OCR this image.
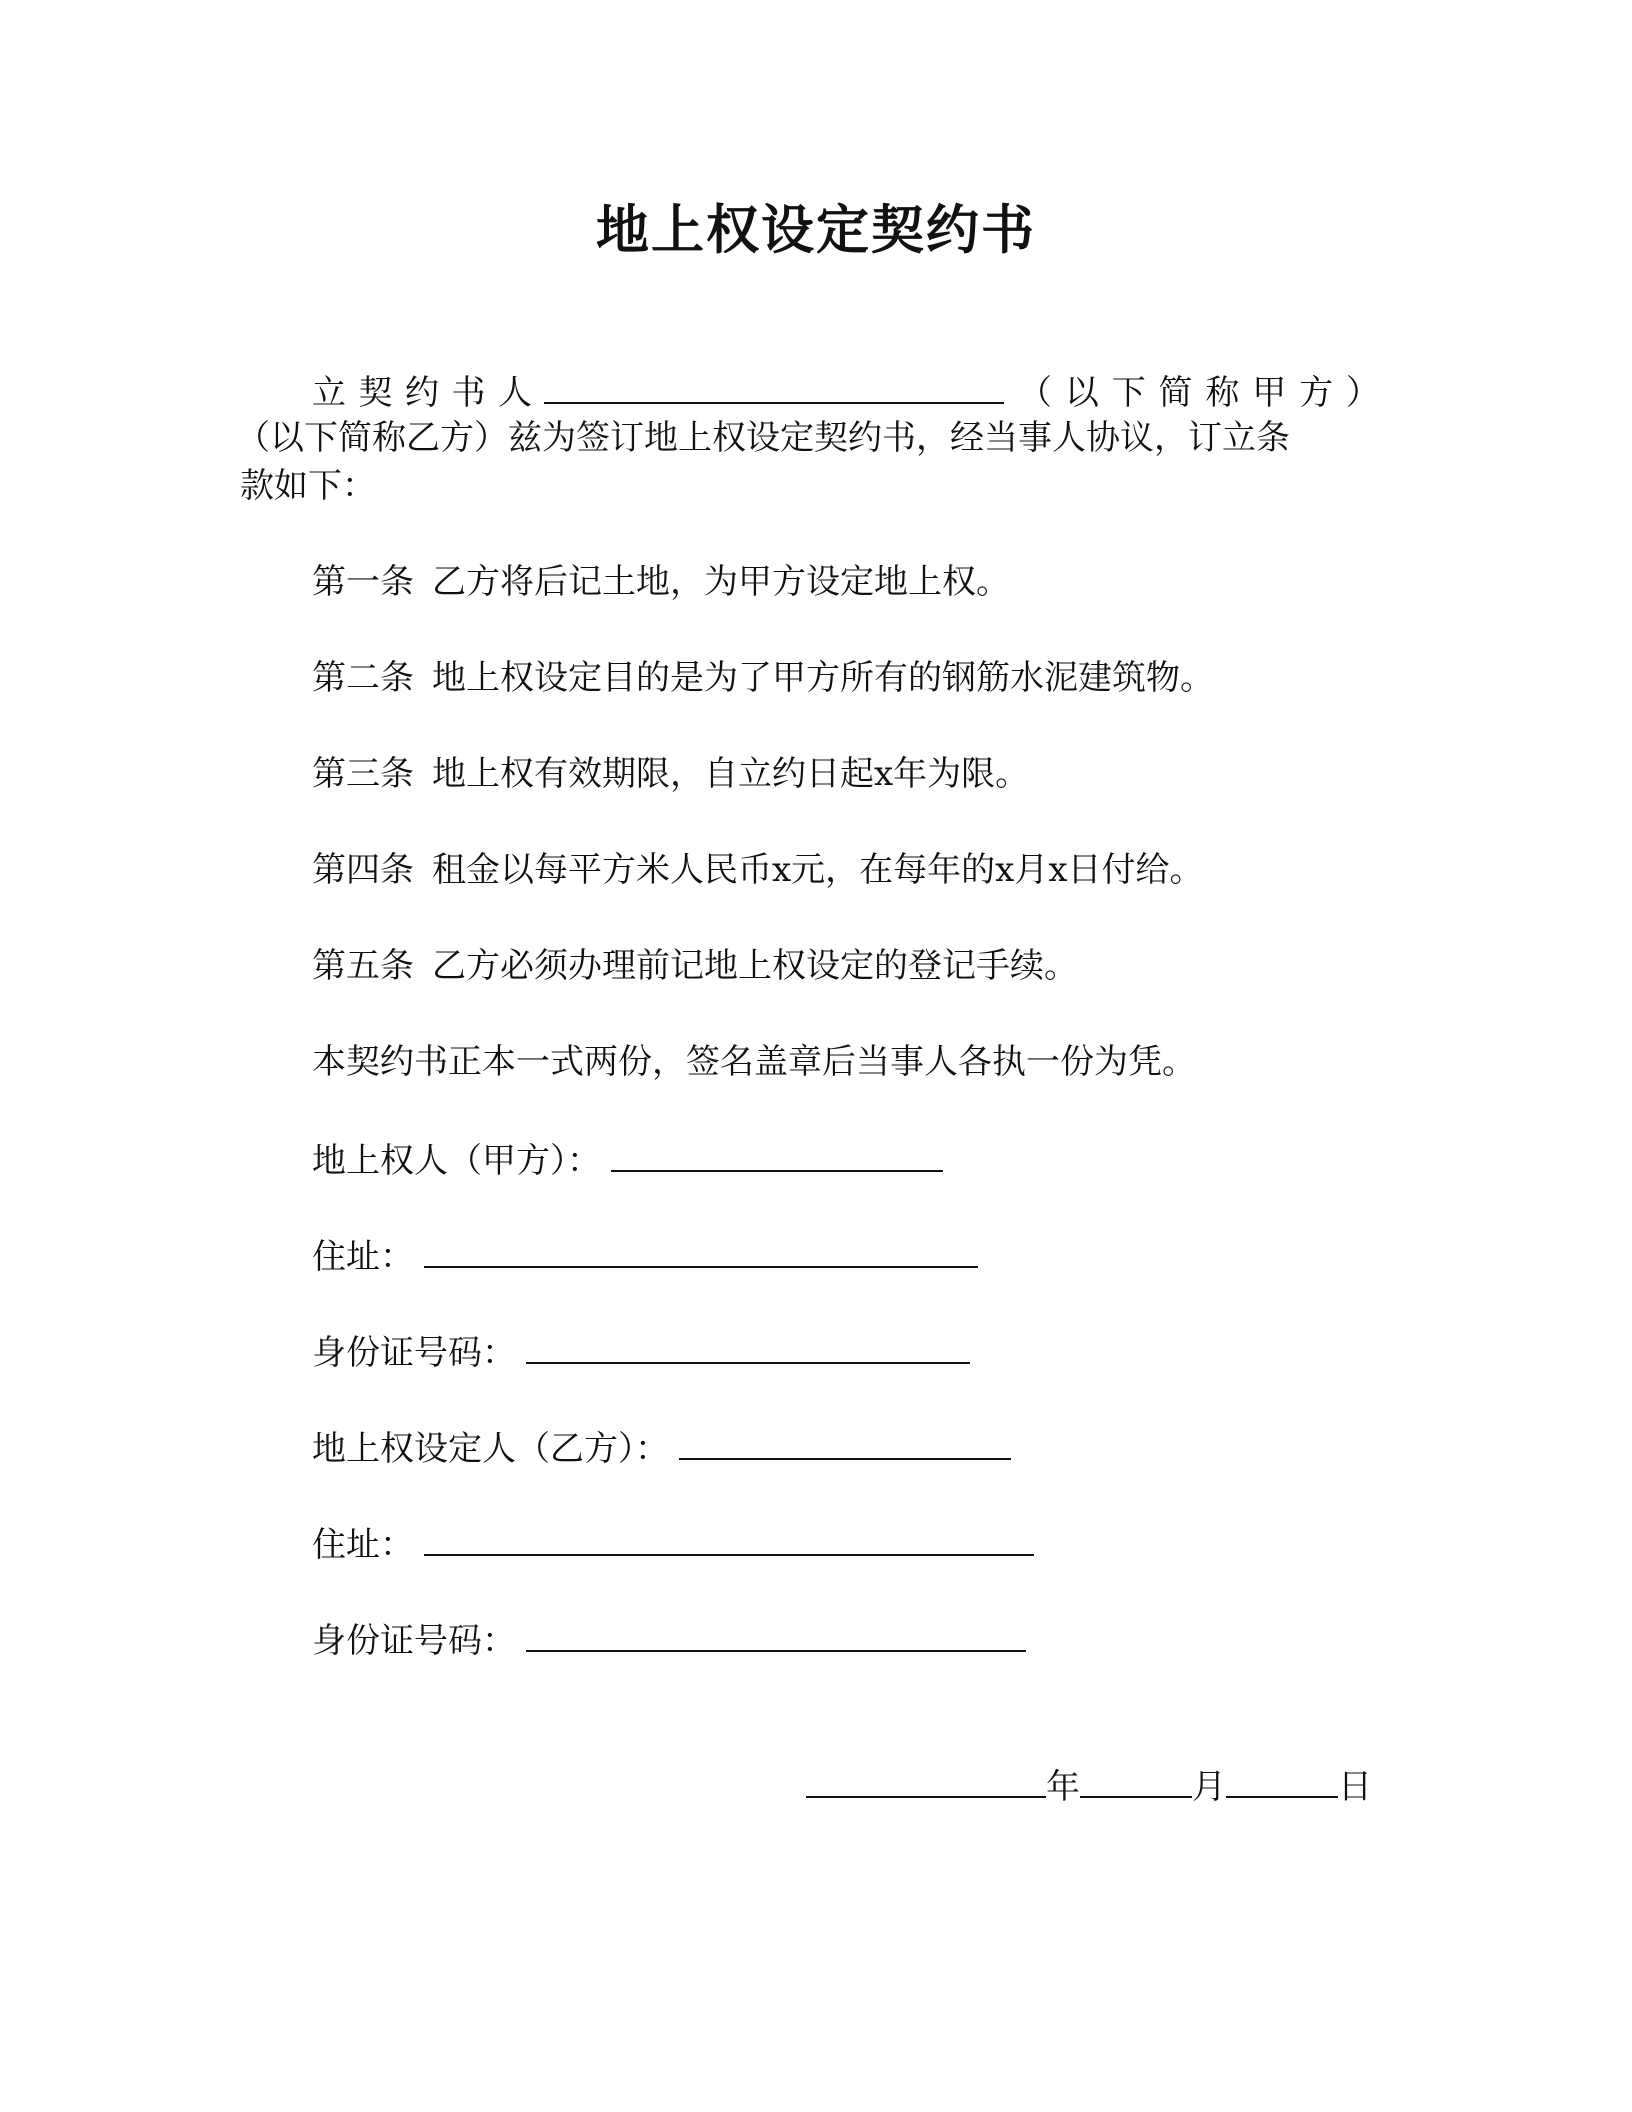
地上权设定契约书
立 契 约 书 人	（ 以 下 简 称 甲 方 ）
（以下简称乙方）兹为签订地上权设定契约书，经当事人协议，订立条
款如下：
第一条 乙方将后记土地，为甲方设定地上权。
第二条 地上权设定目的是为了甲方所有的钢筋水泥建筑物。
第三条 地上权有效期限，自立约日起x年为限。
第四条 租金以每平方米人民币x元，在每年的x月x日付给。
第五条 乙方必须办理前记地上权设定的登记手续。
本契约书正本一式两份，签名盖章后当事人各执一份为凭。
地上权人（甲方）：
住址：
身份证号码：
地上权设定人（乙方）：
住址：
身份证号码：
年	月	日
